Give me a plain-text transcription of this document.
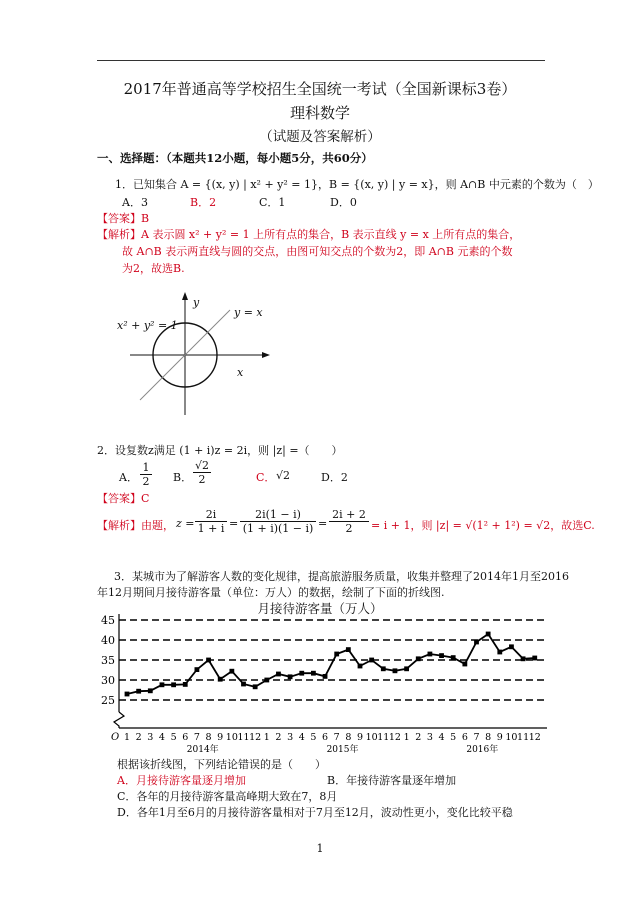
2017年普通高等学校招生全国统一考试（全国新课标3卷）
理科数学
（试题及答案解析）
一、选择题：（本题共12小题，每小题5分，共60分）
1．已知集合 A = {(x, y) | x² + y² = 1}，B = {(x, y) | y = x}，则 A∩B 中元素的个数为（　）
A．3	B．2	C．1	D．0
【答案】B
【解析】A 表示圆 x² + y² = 1 上所有点的集合，B 表示直线 y = x 上所有点的集合，
故 A∩B 表示两直线与圆的交点，由图可知交点的个数为2，即 A∩B 元素的个数
为2，故选B.
x² + y² = 1
y = x
x
y
2．设复数z满足 (1 + i)z = 2i，则 |z| =（　　）
A． $\frac{1}{2}$ B． $\frac{√2}{2}$	C． √2	D．2
【答案】C
【解析】由题， $z = \frac{2i}{1 + i} = \frac{2i(1 - i)}{(1 + i)(1 - i)} = \frac{2i + 2}{2} = i + 1$，则 |z| = √(1² + 1²) = √2，故选C.
3．某城市为了解游客人数的变化规律，提高旅游服务质量，收集并整理了2014年1月至2016
年12月期间月接待游客量（单位：万人）的数据，绘制了下面的折线图.
月接待游客量（万人）
25
30
35
40
45
O 1 2 3 4 5 6 7 8 9 10 11 12 1 2 3 4 5 6 7 8 9 10 11 12 1 2 3 4 5 6 7 8 9 10 11 12
2014年	2015年	2016年
根据该折线图，下列结论错误的是（　　）
A．月接待游客量逐月增加	B．年接待游客量逐年增加
C．各年的月接待游客量高峰期大致在7，8月
D．各年1月至6月的月接待游客量相对于7月至12月，波动性更小，变化比较平稳
1
